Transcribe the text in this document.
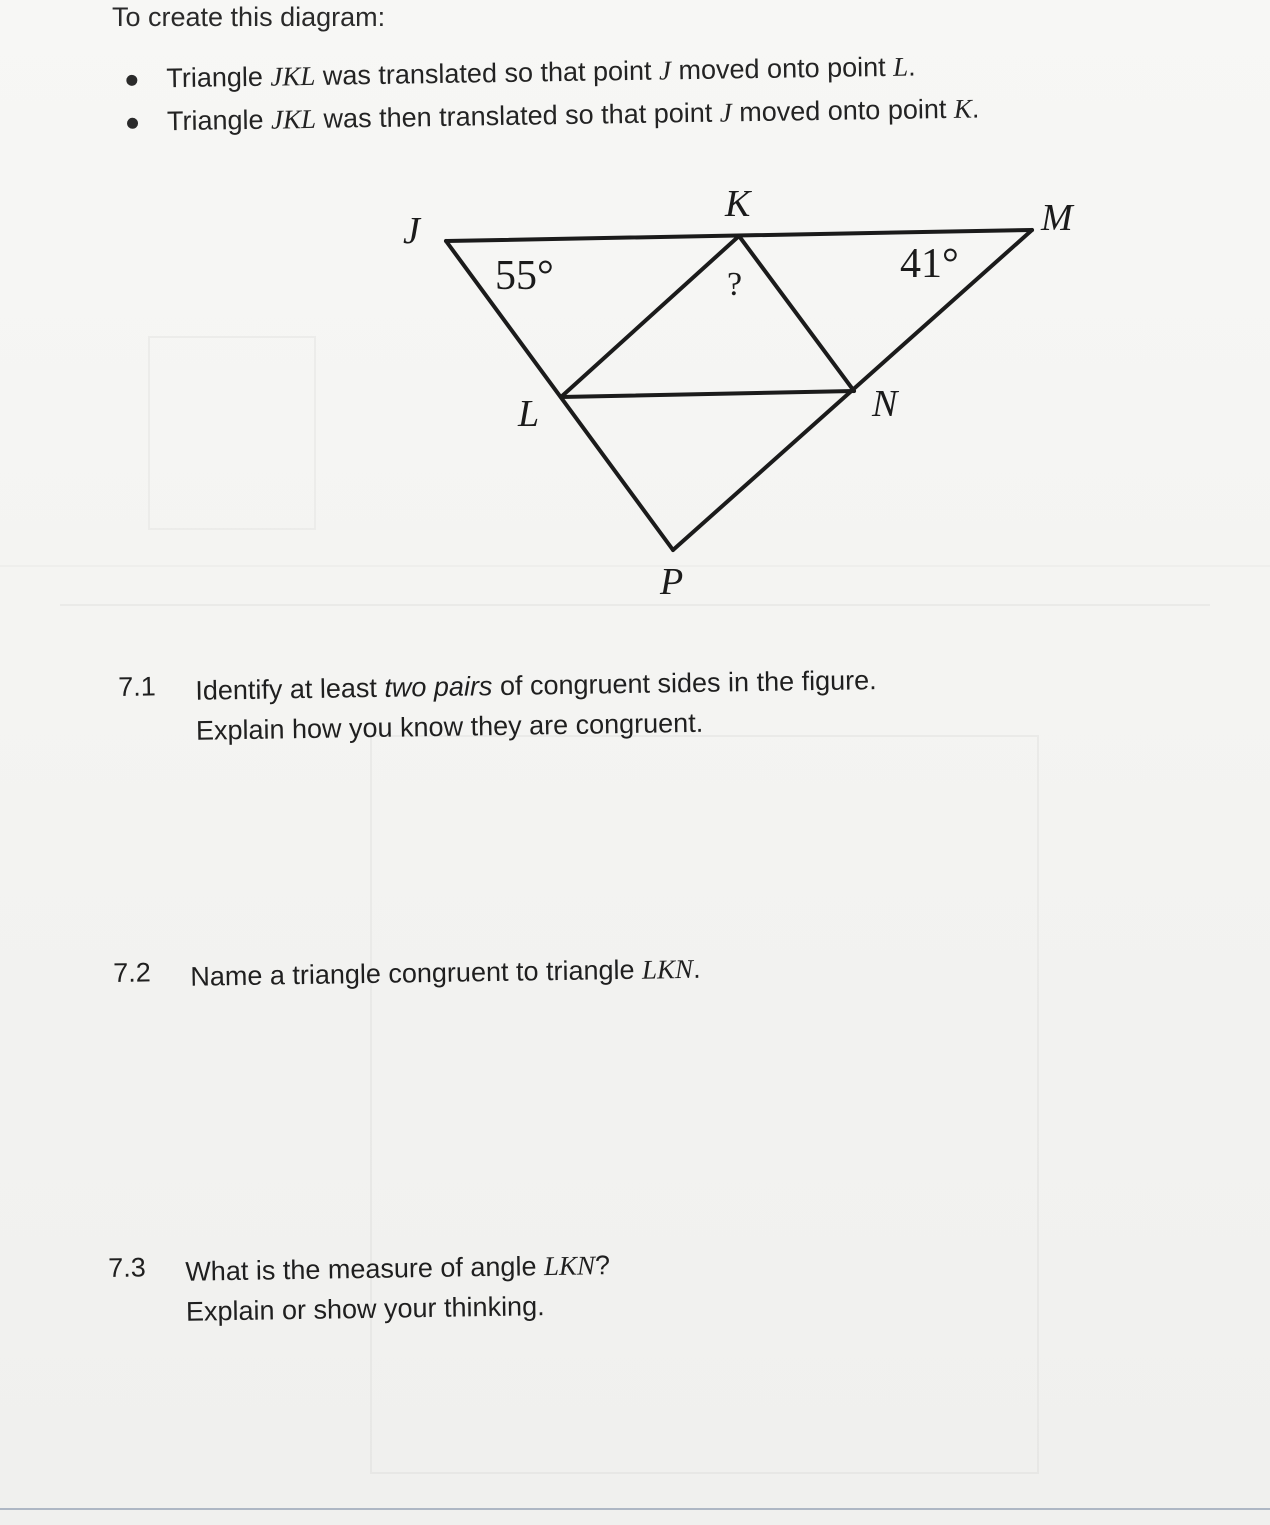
To create this diagram:
Triangle JKL was translated so that point J moved onto point L.
Triangle JKL was then translated so that point J moved onto point K.
J
K	M
L	N
P
55°	41°
?
7.1 Identify at least two pairs of congruent sides in the figure.
Explain how you know they are congruent.
7.2 Name a triangle congruent to triangle LKN.
7.3 What is the measure of angle LKN?
Explain or show your thinking.
